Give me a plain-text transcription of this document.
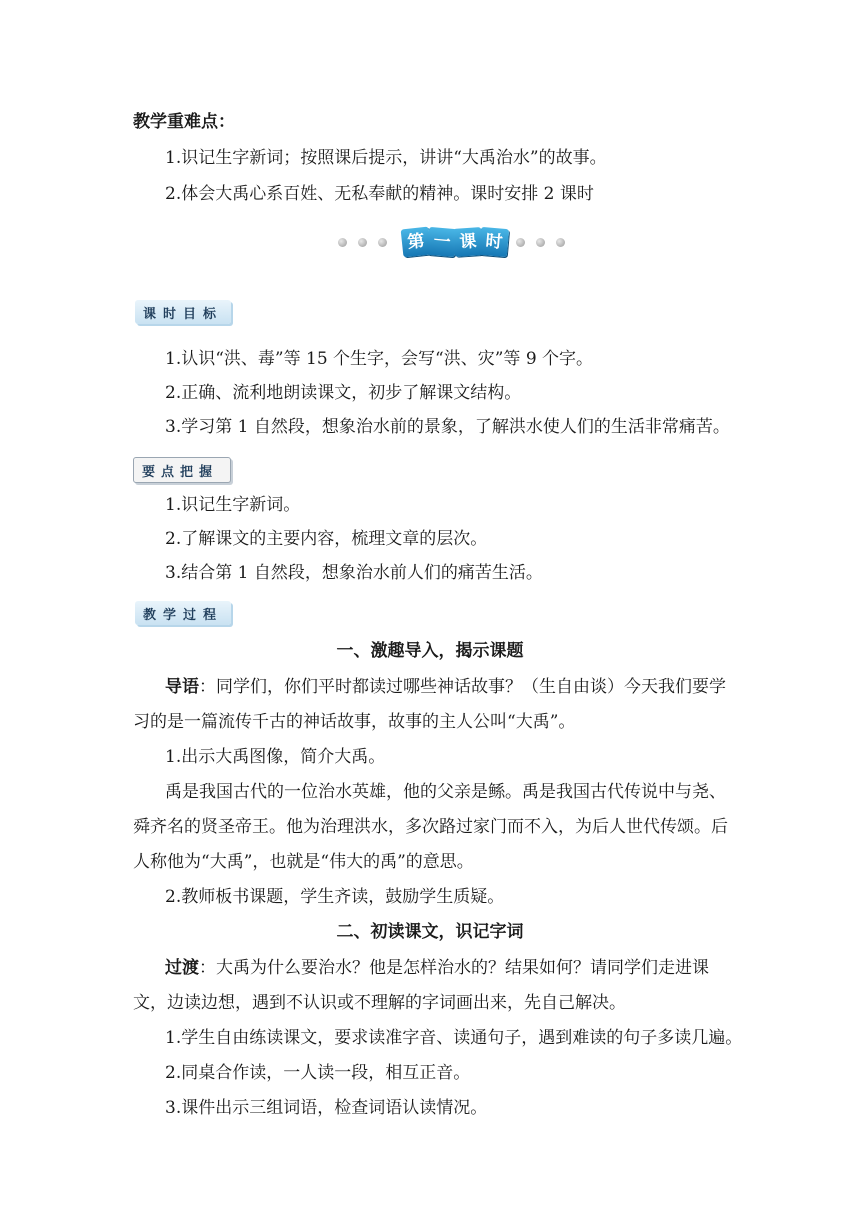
教学重难点：
1.识记生字新词；按照课后提示，讲讲“大禹治水”的故事。
2.体会大禹心系百姓、无私奉献的精神。课时安排 2 课时
第 一 课 时
课时目标
1.认识“洪、毒”等 15 个生字，会写“洪、灾”等 9 个字。
2.正确、流利地朗读课文，初步了解课文结构。
3.学习第 1 自然段，想象治水前的景象，了解洪水使人们的生活非常痛苦。
要点把握
1.识记生字新词。
2.了解课文的主要内容，梳理文章的层次。
3.结合第 1 自然段，想象治水前人们的痛苦生活。
教学过程
一、激趣导入，揭示课题
导语：同学们，你们平时都读过哪些神话故事？（生自由谈）今天我们要学
习的是一篇流传千古的神话故事，故事的主人公叫“大禹”。
1.出示大禹图像，简介大禹。
禹是我国古代的一位治水英雄，他的父亲是鲧。禹是我国古代传说中与尧、
舜齐名的贤圣帝王。他为治理洪水，多次路过家门而不入，为后人世代传颂。后
人称他为“大禹”，也就是“伟大的禹”的意思。
2.教师板书课题，学生齐读，鼓励学生质疑。
二、初读课文，识记字词
过渡：大禹为什么要治水？他是怎样治水的？结果如何？请同学们走进课
文，边读边想，遇到不认识或不理解的字词画出来，先自己解决。
1.学生自由练读课文，要求读准字音、读通句子，遇到难读的句子多读几遍。
2.同桌合作读，一人读一段，相互正音。
3.课件出示三组词语，检查词语认读情况。
